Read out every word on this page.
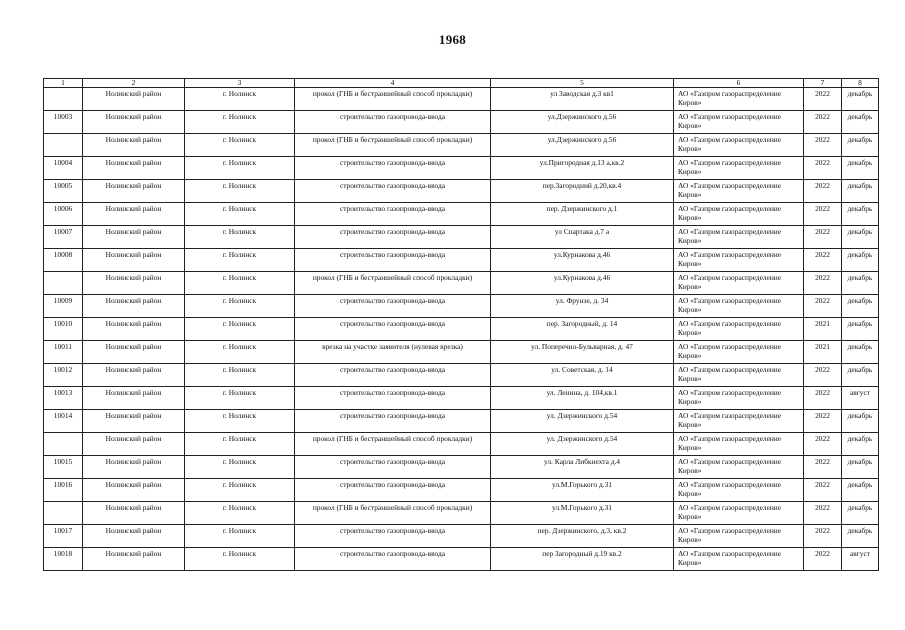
1968
1	2	3	4	5	6	7	8
	Нолинский район	г. Нолинск	прокол (ГНБ и бестраншейный способ прокладки)	ул Заводская д.3 кв1	АО «Газпром газораспределение Киров»	2022	декабрь
10003	Нолинский район	г. Нолинск	строительство газопровода-ввода	ул.Дзержинского д.56	АО «Газпром газораспределение Киров»	2022	декабрь
	Нолинский район	г. Нолинск	прокол (ГНБ и бестраншейный способ прокладки)	ул.Дзержинского д.56	АО «Газпром газораспределение Киров»	2022	декабрь
10004	Нолинский район	г. Нолинск	строительство газопровода-ввода	ул.Пригородная д.13 а,кв.2	АО «Газпром газораспределение Киров»	2022	декабрь
10005	Нолинский район	г. Нолинск	строительство газопровода-ввода	пер.Загородний д.20,кв.4	АО «Газпром газораспределение Киров»	2022	декабрь
10006	Нолинский район	г. Нолинск	строительство газопровода-ввода	пер. Дзержинского д.1	АО «Газпром газораспределение Киров»	2022	декабрь
10007	Нолинский район	г. Нолинск	строительство газопровода-ввода	ул Спартака д.7 а	АО «Газпром газораспределение Киров»	2022	декабрь
10008	Нолинский район	г. Нолинск	строительство газопровода-ввода	ул.Курнакова д.46	АО «Газпром газораспределение Киров»	2022	декабрь
	Нолинский район	г. Нолинск	прокол (ГНБ и бестраншейный способ прокладки)	ул.Курнакова д.46	АО «Газпром газораспределение Киров»	2022	декабрь
10009	Нолинский район	г. Нолинск	строительство газопровода-ввода	ул. Фрунзе, д. 34	АО «Газпром газораспределение Киров»	2022	декабрь
10010	Нолинский район	г. Нолинск	строительство газопровода-ввода	пер. Загородный, д. 14	АО «Газпром газораспределение Киров»	2021	декабрь
10011	Нолинский район	г. Нолинск	врезка на участке заявителя (нулевая врезка)	ул. Поперечно-Бульварная, д. 47	АО «Газпром газораспределение Киров»	2021	декабрь
10012	Нолинский район	г. Нолинск	строительство газопровода-ввода	ул. Советская, д. 14	АО «Газпром газораспределение Киров»	2022	декабрь
10013	Нолинский район	г. Нолинск	строительство газопровода-ввода	ул. Ленина, д. 104,кв.1	АО «Газпром газораспределение Киров»	2022	август
10014	Нолинский район	г. Нолинск	строительство газопровода-ввода	ул. Дзержинского д.54	АО «Газпром газораспределение Киров»	2022	декабрь
	Нолинский район	г. Нолинск	прокол (ГНБ и бестраншейный способ прокладки)	ул. Дзержинского д.54	АО «Газпром газораспределение Киров»	2022	декабрь
10015	Нолинский район	г. Нолинск	строительство газопровода-ввода	ул. Карла Либкнехта д.4	АО «Газпром газораспределение Киров»	2022	декабрь
10016	Нолинский район	г. Нолинск	строительство газопровода-ввода	ул.М.Горького д.31	АО «Газпром газораспределение Киров»	2022	декабрь
	Нолинский район	г. Нолинск	прокол (ГНБ и бестраншейный способ прокладки)	ул.М.Горького д.31	АО «Газпром газораспределение Киров»	2022	декабрь
10017	Нолинский район	г. Нолинск	строительство газопровода-ввода	пер. Дзержинского, д.3, кв.2	АО «Газпром газораспределение Киров»	2022	декабрь
10018	Нолинский район	г. Нолинск	строительство газопровода-ввода	пер Загородный д.19 кв.2	АО «Газпром газораспределение Киров»	2022	август
